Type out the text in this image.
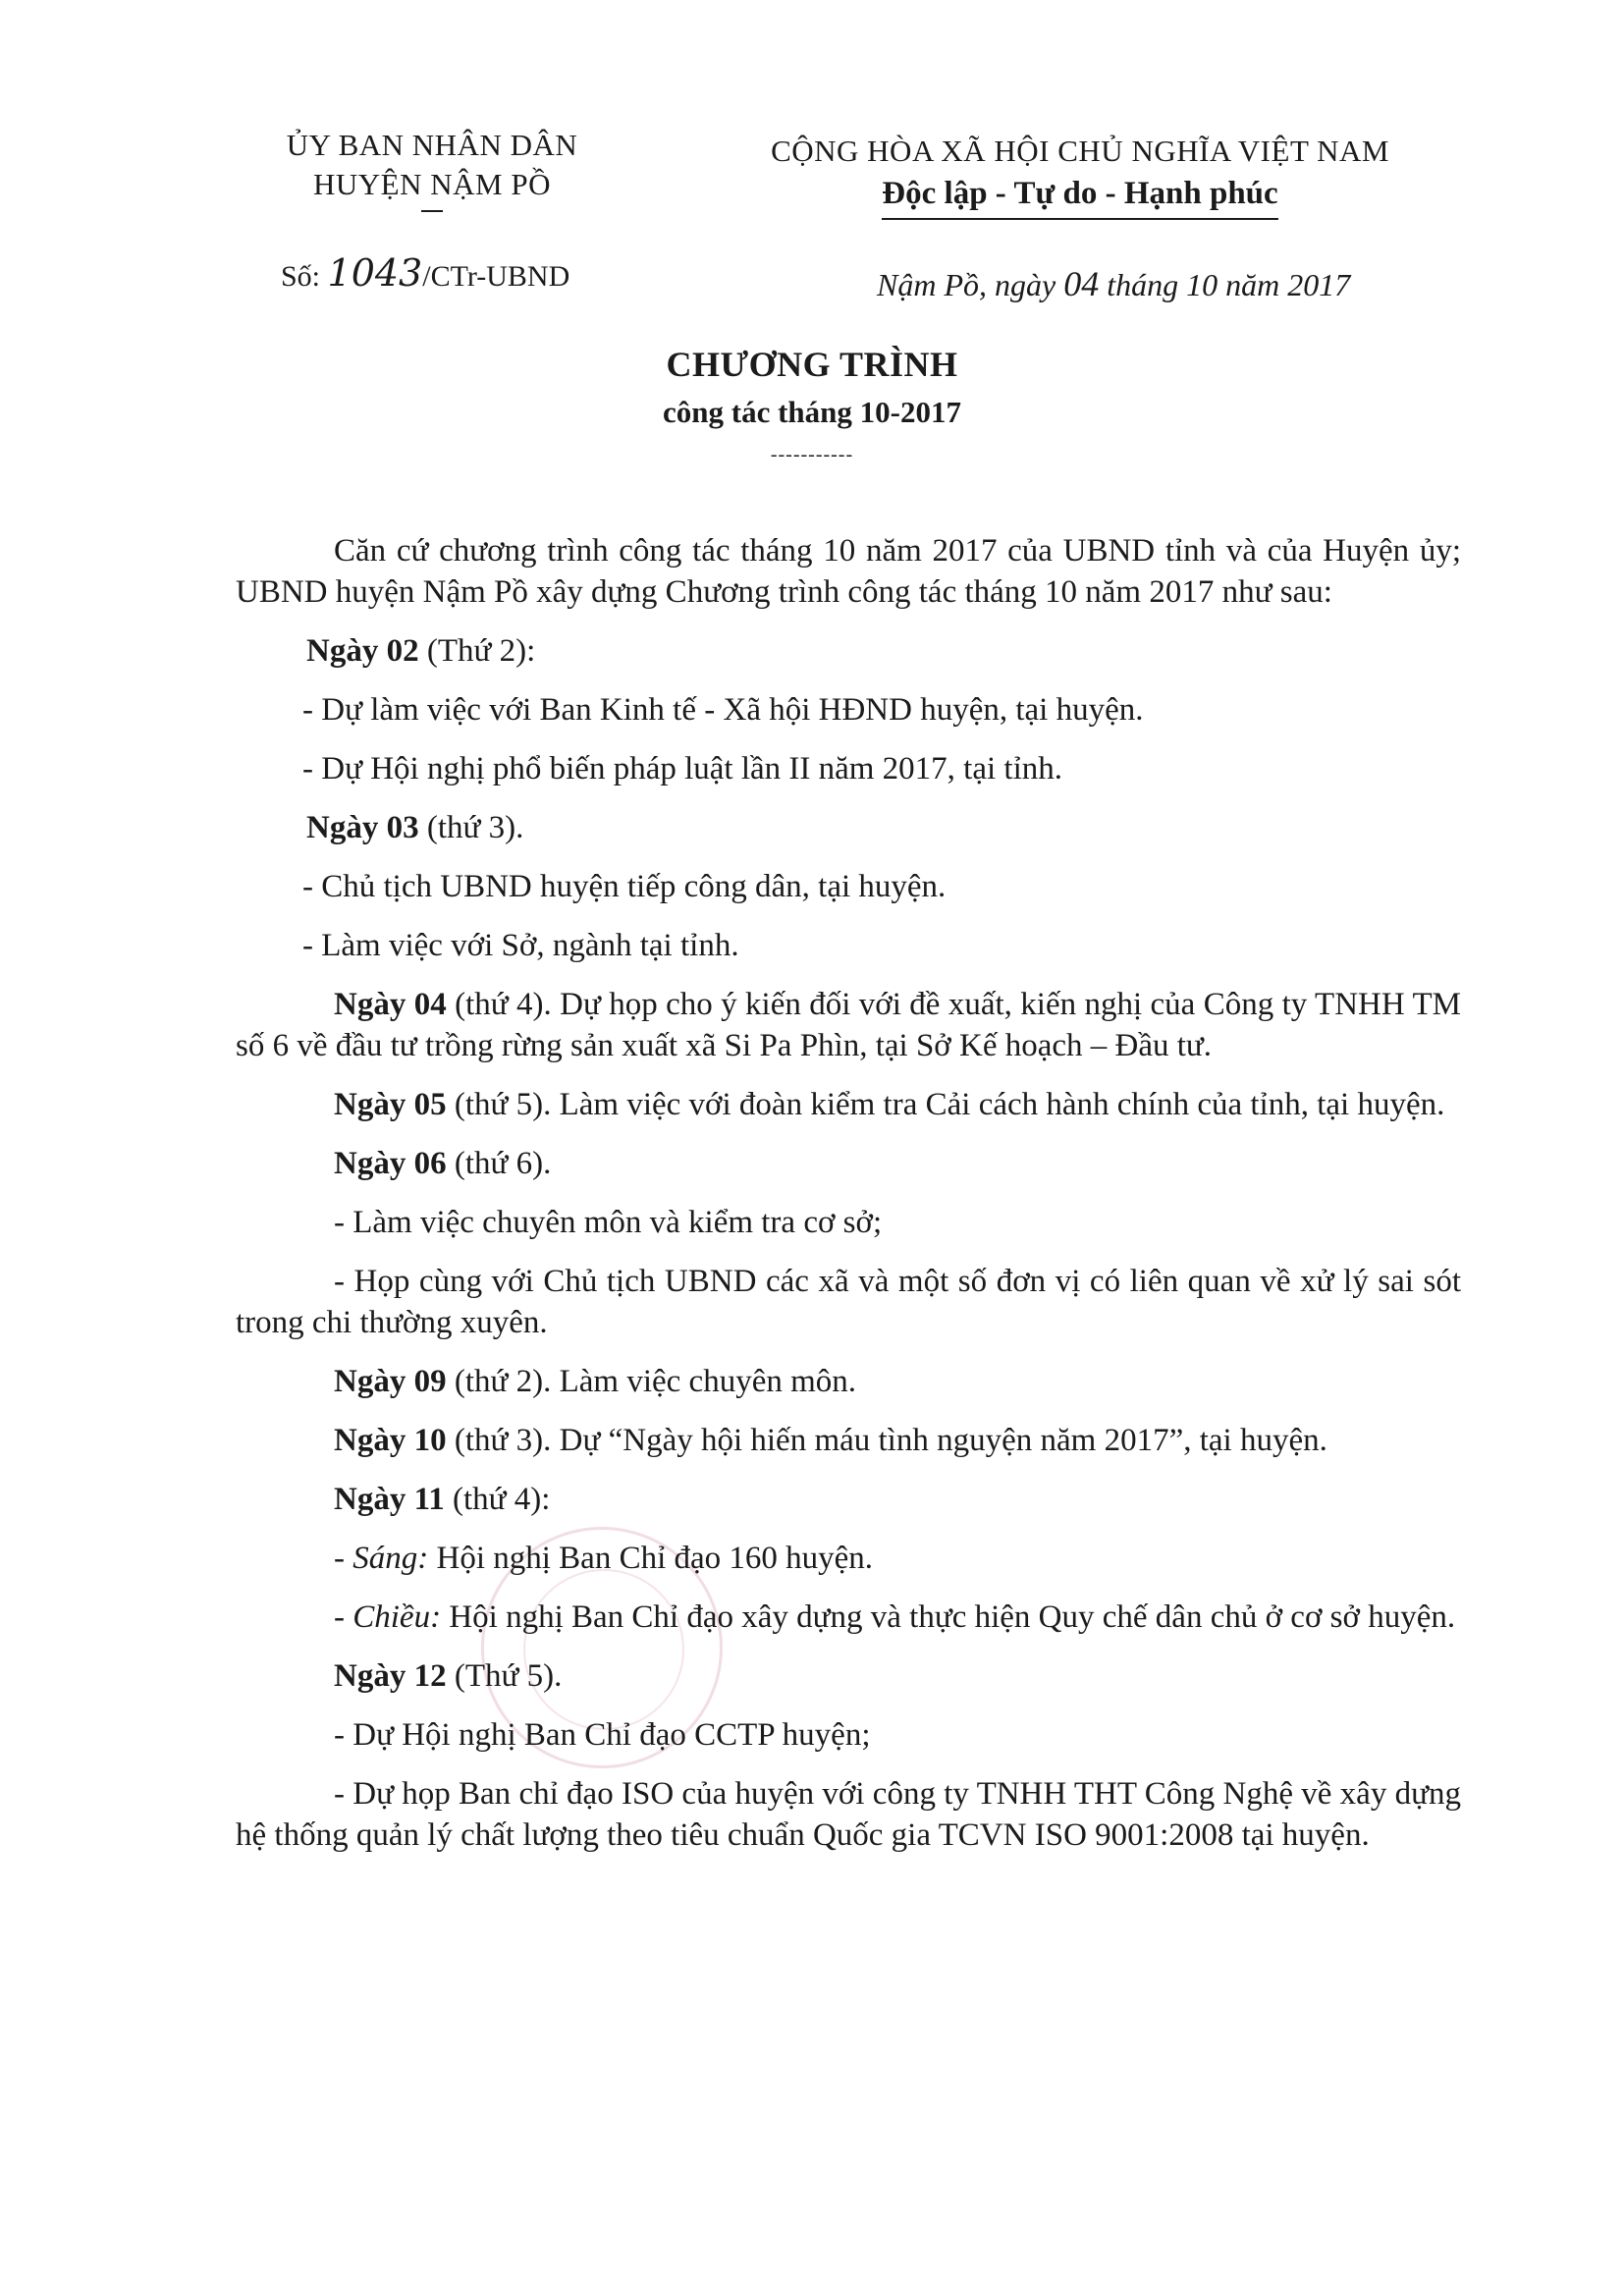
ỦY BAN NHÂN DÂN
HUYỆN NẬM PỒ
Số: 1043/CTr-UBND
CỘNG HÒA XÃ HỘI CHỦ NGHĨA VIỆT NAM
Độc lập - Tự do - Hạnh phúc
Nậm Pồ, ngày 04 tháng 10 năm 2017
CHƯƠNG TRÌNH
công tác tháng 10-2017
-----------

Căn cứ chương trình công tác tháng 10 năm 2017 của UBND tỉnh và của Huyện ủy; UBND huyện Nậm Pồ xây dựng Chương trình công tác tháng 10 năm 2017 như sau:

Ngày 02 (Thứ 2):

- Dự làm việc với Ban Kinh tế - Xã hội HĐND huyện, tại huyện.

- Dự Hội nghị phổ biến pháp luật lần II năm 2017, tại tỉnh.

Ngày 03 (thứ 3).

- Chủ tịch UBND huyện tiếp công dân, tại huyện.

- Làm việc với Sở, ngành tại tỉnh.

Ngày 04 (thứ 4). Dự họp cho ý kiến đối với đề xuất, kiến nghị của Công ty TNHH TM số 6 về đầu tư trồng rừng sản xuất xã Si Pa Phìn, tại Sở Kế hoạch – Đầu tư.

Ngày 05 (thứ 5). Làm việc với đoàn kiểm tra Cải cách hành chính của tỉnh, tại huyện.

Ngày 06 (thứ 6).

- Làm việc chuyên môn và kiểm tra cơ sở;

- Họp cùng với Chủ tịch UBND các xã và một số đơn vị có liên quan về xử lý sai sót trong chi thường xuyên.

Ngày 09 (thứ 2). Làm việc chuyên môn.

Ngày 10 (thứ 3). Dự “Ngày hội hiến máu tình nguyện năm 2017”, tại huyện.

Ngày 11 (thứ 4):

- Sáng: Hội nghị Ban Chỉ đạo 160 huyện.

- Chiều: Hội nghị Ban Chỉ đạo xây dựng và thực hiện Quy chế dân chủ ở cơ sở huyện.

Ngày 12 (Thứ 5).

- Dự Hội nghị Ban Chỉ đạo CCTP huyện;

- Dự họp Ban chỉ đạo ISO của huyện với công ty TNHH THT Công Nghệ về xây dựng hệ thống quản lý chất lượng theo tiêu chuẩn Quốc gia TCVN ISO 9001:2008 tại huyện.
